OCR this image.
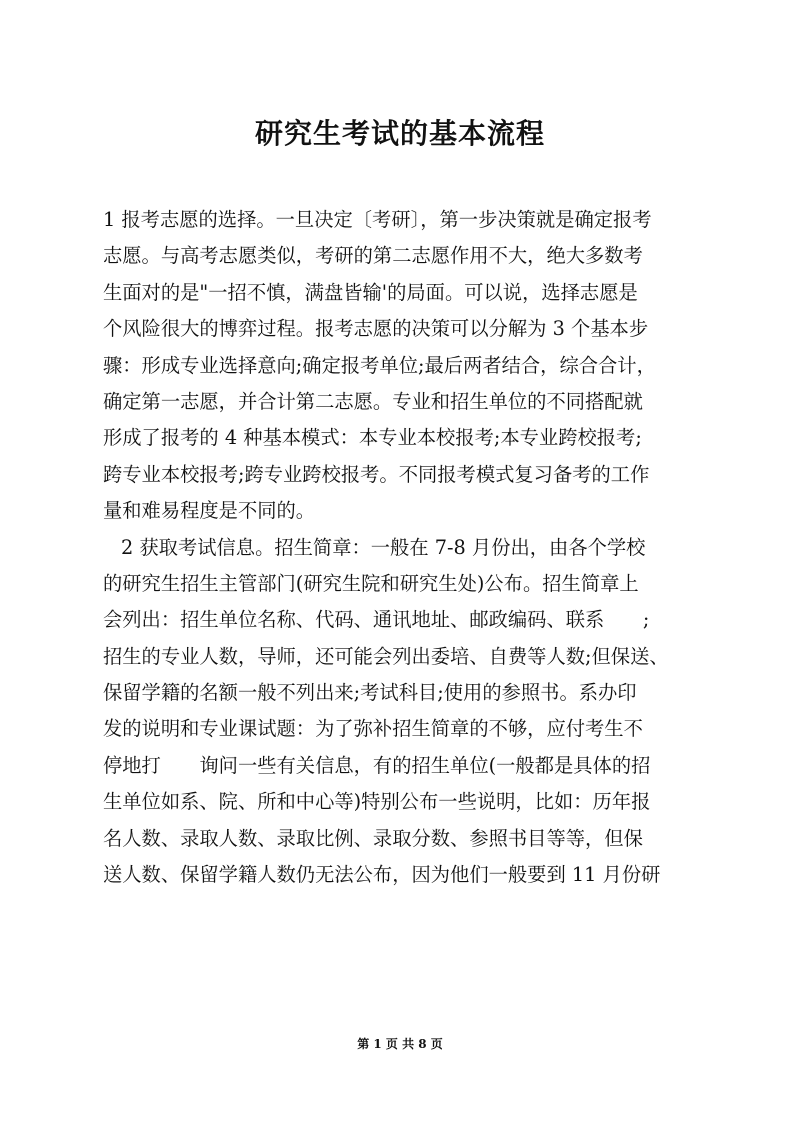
研究生考试的基本流程
1 报考志愿的选择。一旦决定〔考研〕，第一步决策就是确定报考
志愿。与高考志愿类似，考研的第二志愿作用不大，绝大多数考
生面对的是"一招不慎，满盘皆输'的局面。可以说，选择志愿是
个风险很大的博弈过程。报考志愿的决策可以分解为 3 个基本步
骤：形成专业选择意向;确定报考单位;最后两者结合，综合合计，
确定第一志愿，并合计第二志愿。专业和招生单位的不同搭配就
形成了报考的 4 种基本模式：本专业本校报考;本专业跨校报考;
跨专业本校报考;跨专业跨校报考。不同报考模式复习备考的工作
量和难易程度是不同的。
2 获取考试信息。招生简章：一般在 7-8 月份出，由各个学校
的研究生招生主管部门(研究生院和研究生处)公布。招生简章上
会列出：招生单位名称、代码、通讯地址、邮政编码、联系　　;
招生的专业人数，导师，还可能会列出委培、自费等人数;但保送、
保留学籍的名额一般不列出来;考试科目;使用的参照书。系办印
发的说明和专业课试题：为了弥补招生简章的不够，应付考生不
停地打　　询问一些有关信息，有的招生单位(一般都是具体的招
生单位如系、院、所和中心等)特别公布一些说明，比如：历年报
名人数、录取人数、录取比例、录取分数、参照书目等等，但保
送人数、保留学籍人数仍无法公布，因为他们一般要到 11 月份研
第 1 页 共 8 页
